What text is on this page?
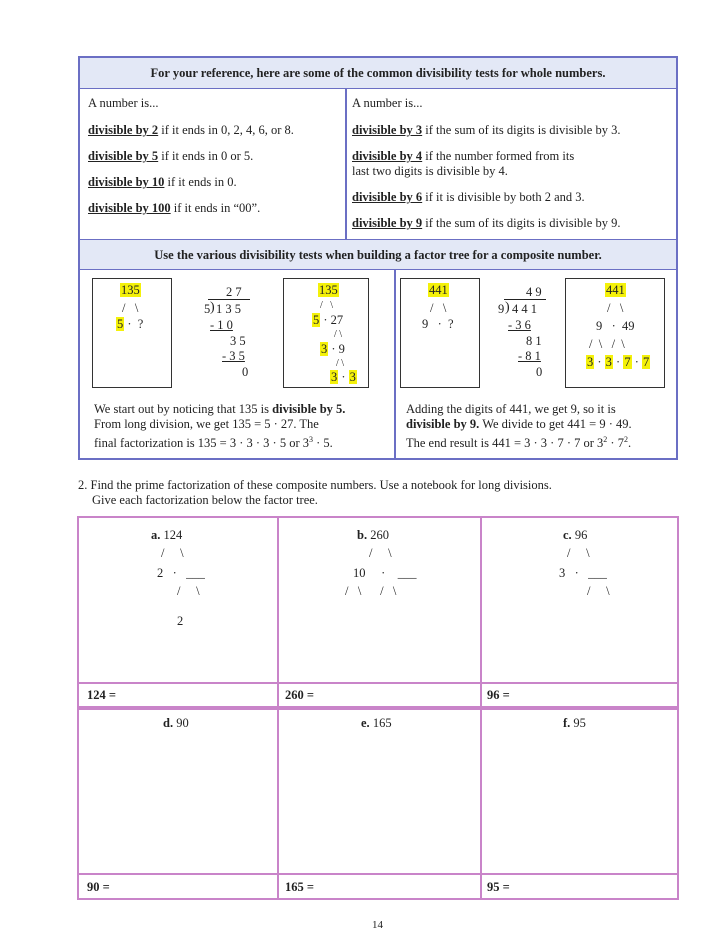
For your reference, here are some of the common divisibility tests for whole numbers.
A number is...
divisible by 2 if it ends in 0, 2, 4, 6, or 8.
divisible by 5 if it ends in 0 or 5.
divisible by 10 if it ends in 0.
divisible by 100 if it ends in “00”.
A number is...
divisible by 3 if the sum of its digits is divisible by 3.
divisible by 4 if the number formed from its
last two digits is divisible by 4.
divisible by 6 if it is divisible by both 2 and 3.
divisible by 9 if the sum of its digits is divisible by 9.
Use the various divisibility tests when building a factor tree for a composite number.
135
/   \
5 ·  ?
2 7
5 ) 1 3 5
- 1 0
3 5
- 3 5
0
135
/   \
5 · 27
/ \
3 · 9
/ \
3 · 3
We start out by noticing that 135 is divisible by 5.
From long division, we get 135 = 5 · 27. The
final factorization is 135 = 3 · 3 · 3 · 5 or $3^3 \cdot 5$.
441
/   \
9   ·  ?
4 9
9 ) 4 4 1
- 3 6
8 1
- 8 1
0
441
/   \
9   ·  49
/  \   /  \
3 · 3 · 7 · 7
Adding the digits of 441, we get 9, so it is
divisible by 9. We divide to get 441 = 9 · 49.
The end result is 441 = 3 · 3 · 7 · 7 or $3^2 \cdot 7^2$.
2. Find the prime factorization of these composite numbers. Use a notebook for long divisions.
Give each factorization below the factor tree.
a. 124
/     \
2   ·   ___
/     \
2
b. 260
/     \
10     ·    ___
/   \      /   \
c. 96
/     \
3   ·   ___
/     \
124 =	260 =	96 =
d. 90	e. 165	f. 95
90 =	165 =	95 =
14
